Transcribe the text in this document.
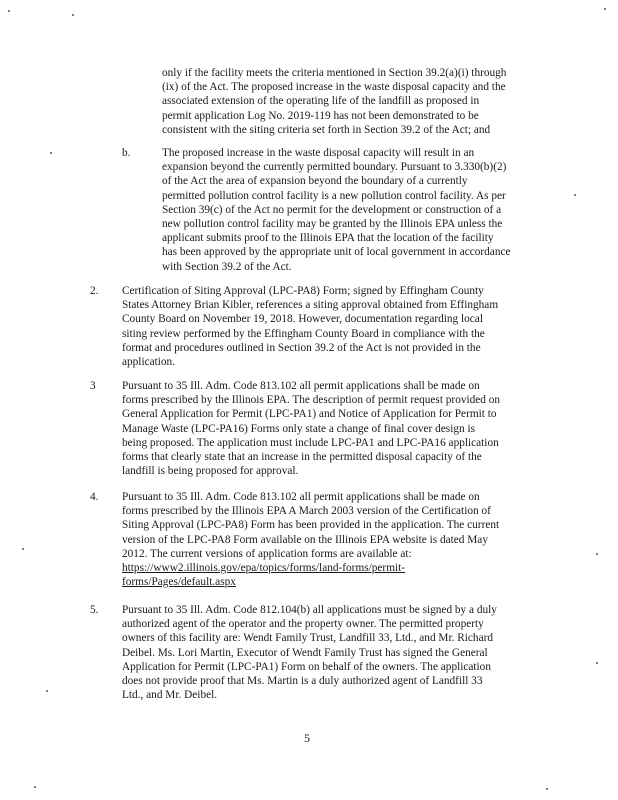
only if the facility meets the criteria mentioned in Section 39.2(a)(i) through
(ix) of the Act. The proposed increase in the waste disposal capacity and the
associated extension of the operating life of the landfill as proposed in
permit application Log No. 2019-119 has not been demonstrated to be
consistent with the siting criteria set forth in Section 39.2 of the Act; and
b.	The proposed increase in the waste disposal capacity will result in an
expansion beyond the currently permitted boundary. Pursuant to 3.330(b)(2)
of the Act the area of expansion beyond the boundary of a currently
permitted pollution control facility is a new pollution control facility. As per
Section 39(c) of the Act no permit for the development or construction of a
new pollution control facility may be granted by the Illinois EPA unless the
applicant submits proof to the Illinois EPA that the location of the facility
has been approved by the appropriate unit of local government in accordance
with Section 39.2 of the Act.
2. Certification of Siting Approval (LPC-PA8) Form; signed by Effingham County
States Attorney Brian Kibler, references a siting approval obtained from Effingham
County Board on November 19, 2018. However, documentation regarding local
siting review performed by the Effingham County Board in compliance with the
format and procedures outlined in Section 39.2 of the Act is not provided in the
application.
3 Pursuant to 35 Ill. Adm. Code 813.102 all permit applications shall be made on
forms prescribed by the Illinois EPA. The description of permit request provided on
General Application for Permit (LPC-PA1) and Notice of Application for Permit to
Manage Waste (LPC-PA16) Forms only state a change of final cover design is
being proposed. The application must include LPC-PA1 and LPC-PA16 application
forms that clearly state that an increase in the permitted disposal capacity of the
landfill is being proposed for approval.
4. Pursuant to 35 Ill. Adm. Code 813.102 all permit applications shall be made on
forms prescribed by the Illinois EPA A March 2003 version of the Certification of
Siting Approval (LPC-PA8) Form has been provided in the application. The current
version of the LPC-PA8 Form available on the Illinois EPA website is dated May
2012. The current versions of application forms are available at:
https://www2.illinois.gov/epa/topics/forms/land-forms/permit-
forms/Pages/default.aspx
5. Pursuant to 35 Ill. Adm. Code 812.104(b) all applications must be signed by a duly
authorized agent of the operator and the property owner. The permitted property
owners of this facility are: Wendt Family Trust, Landfill 33, Ltd., and Mr. Richard
Deibel. Ms. Lori Martin, Executor of Wendt Family Trust has signed the General
Application for Permit (LPC-PA1) Form on behalf of the owners. The application
does not provide proof that Ms. Martin is a duly authorized agent of Landfill 33
Ltd., and Mr. Deibel.
5
